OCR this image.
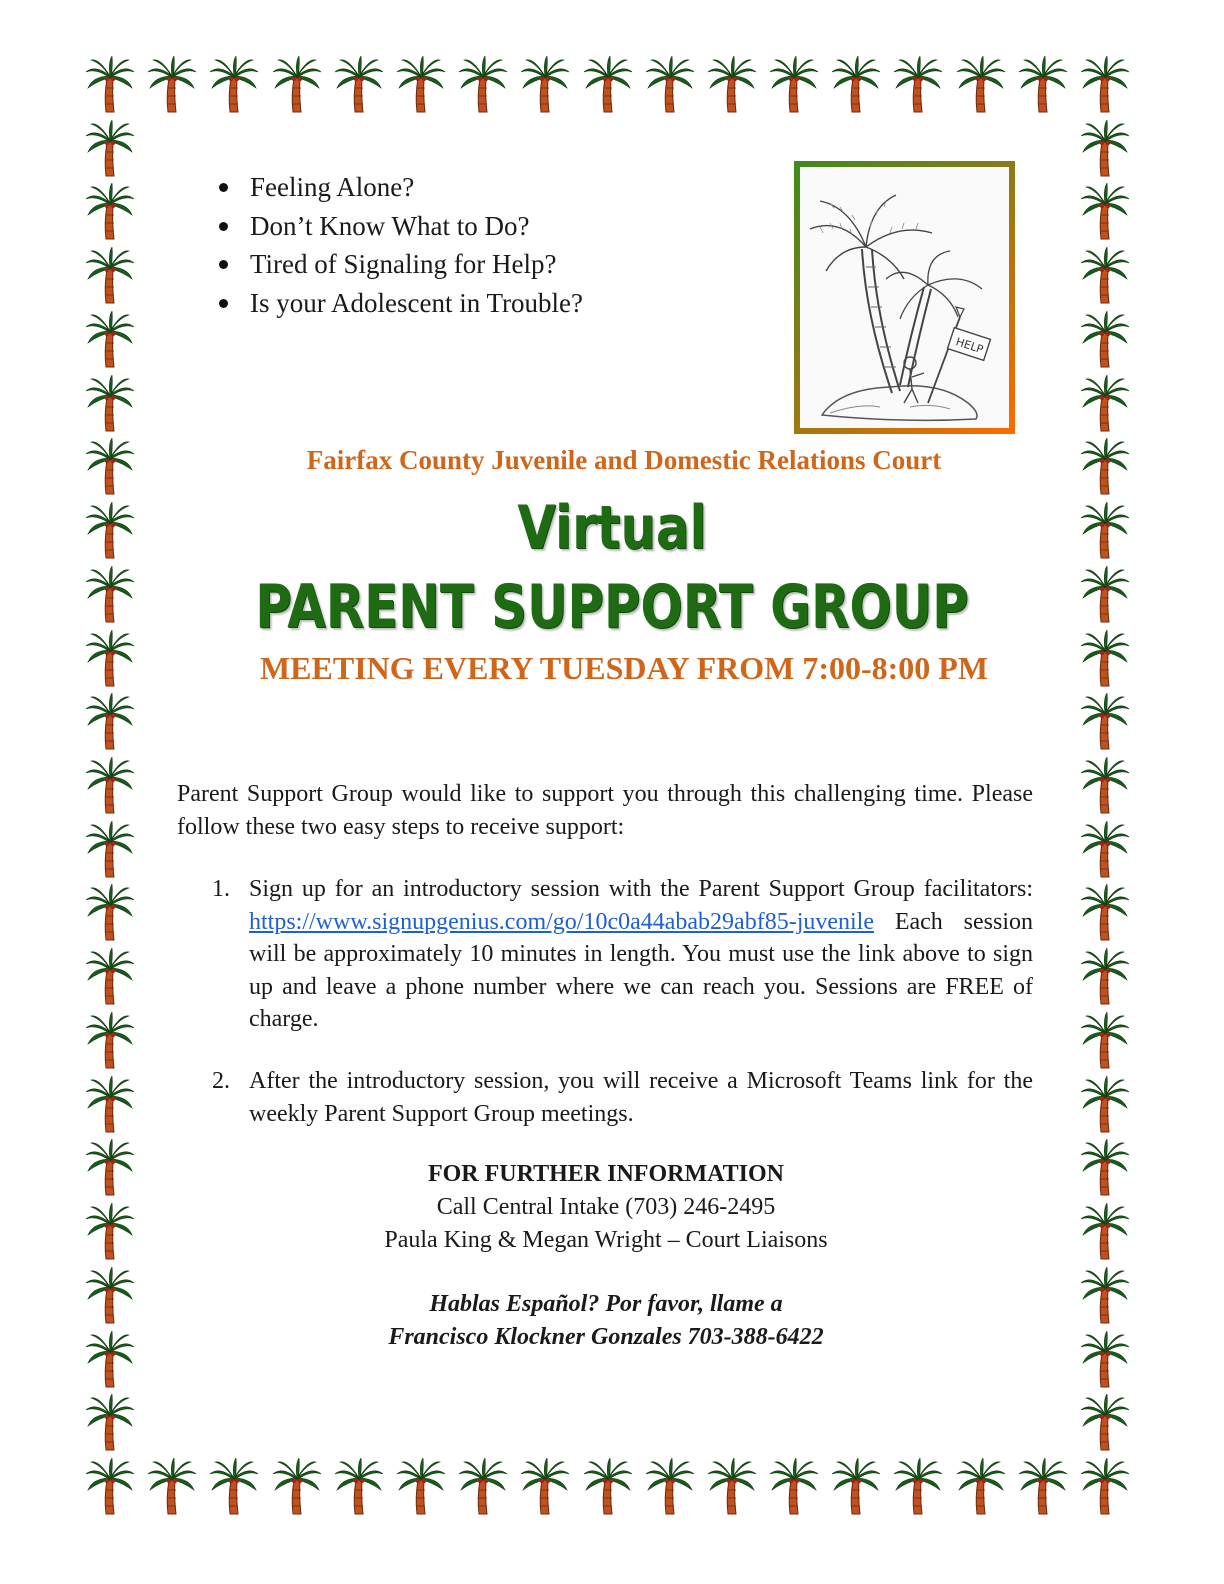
Feeling Alone?
Don’t Know What to Do?
Tired of Signaling for Help?
Is your Adolescent in Trouble?
HELP
Fairfax County Juvenile and Domestic Relations Court
Virtual
PARENT SUPPORT GROUP
MEETING EVERY TUESDAY FROM 7:00-8:00 PM

Parent Support Group would like to support you through this challenging time. Please follow these two easy steps to receive support:

1. Sign up for an introductory session with the Parent Support Group facilitators: https://www.signupgenius.com/go/10c0a44abab29abf85-juvenile Each session will be approximately 10 minutes in length. You must use the link above to sign up and leave a phone number where we can reach you. Sessions are FREE of charge.
2. After the introductory session, you will receive a Microsoft Teams link for the weekly Parent Support Group meetings.
FOR FURTHER INFORMATION
Call Central Intake (703) 246-2495
Paula King & Megan Wright – Court Liaisons
Hablas Español? Por favor, llame a
Francisco Klockner Gonzales 703-388-6422
